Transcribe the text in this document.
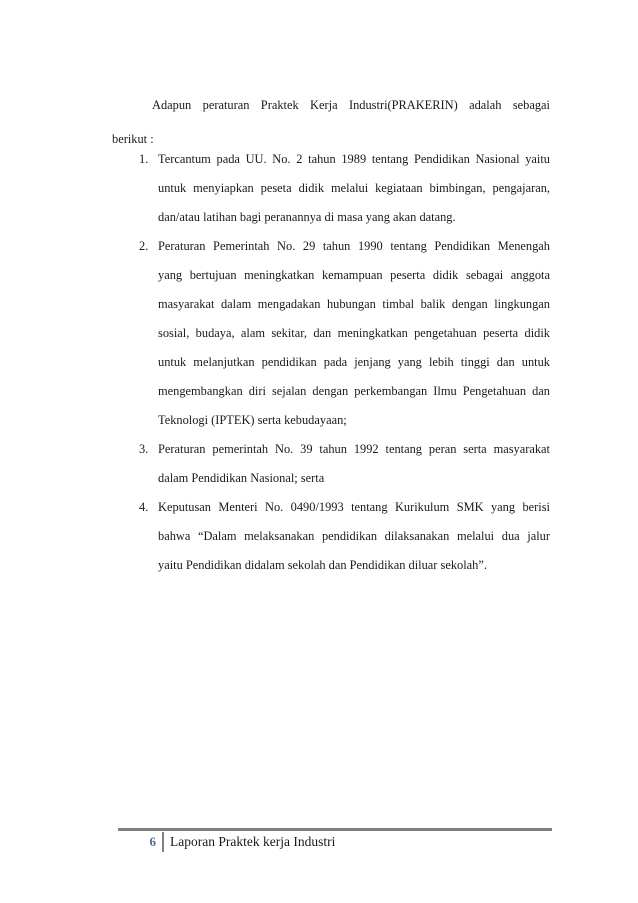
Adapun peraturan Praktek Kerja Industri(PRAKERIN) adalah sebagai
berikut :

1. Tercantum pada UU. No. 2 tahun 1989 tentang Pendidikan Nasional yaitu
untuk menyiapkan peseta didik melalui kegiataan bimbingan, pengajaran,
dan/atau latihan bagi peranannya di masa yang akan datang.
2. Peraturan Pemerintah No. 29 tahun 1990 tentang Pendidikan Menengah
yang bertujuan meningkatkan kemampuan peserta didik sebagai anggota
masyarakat dalam mengadakan hubungan timbal balik dengan lingkungan
sosial, budaya, alam sekitar, dan meningkatkan pengetahuan peserta didik
untuk melanjutkan pendidikan pada jenjang yang lebih tinggi dan untuk
mengembangkan diri sejalan dengan perkembangan Ilmu Pengetahuan dan
Teknologi (IPTEK) serta kebudayaan;
3. Peraturan pemerintah No. 39 tahun 1992 tentang peran serta masyarakat
dalam Pendidikan Nasional; serta
4. Keputusan Menteri No. 0490/1993 tentang Kurikulum SMK yang berisi
bahwa “Dalam melaksanakan pendidikan dilaksanakan melalui dua jalur
yaitu Pendidikan didalam sekolah dan Pendidikan diluar sekolah”.
6 Laporan Praktek kerja Industri
